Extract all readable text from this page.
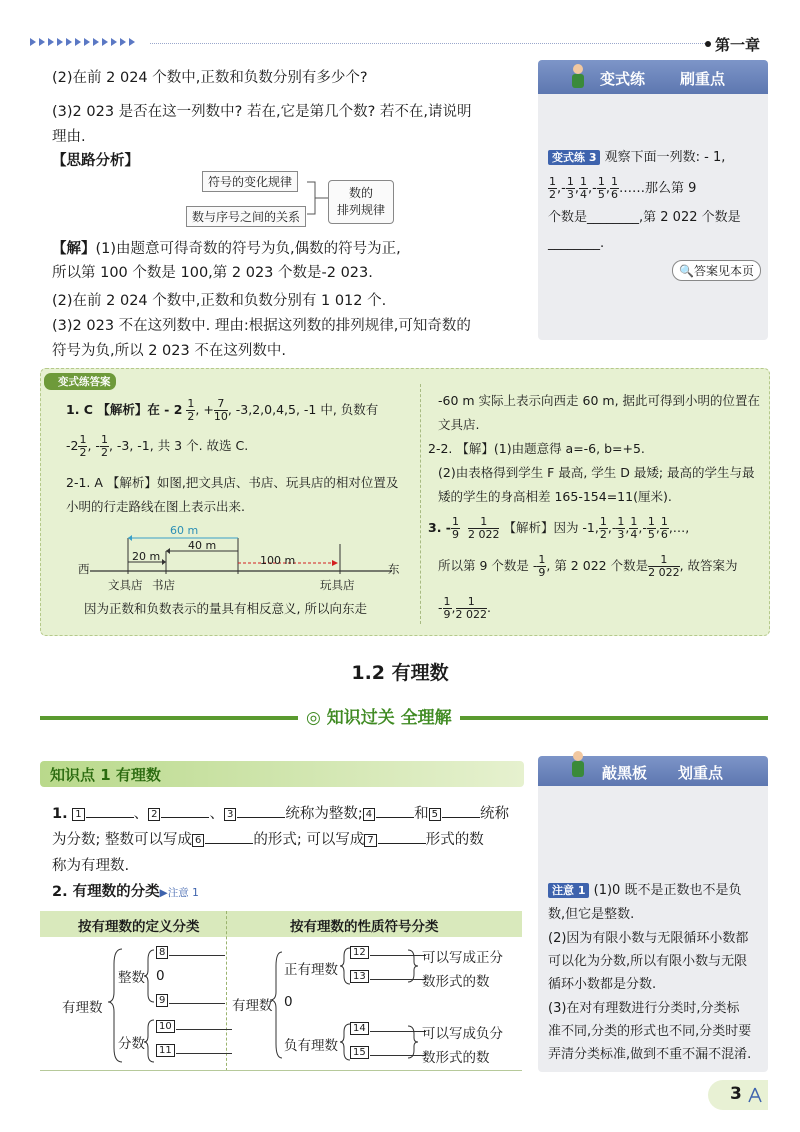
第一章
(2)在前 2 024 个数中,正数和负数分别有多少个?
(3)2 023 是否在这一列数中? 若在,它是第几个数? 若不在,请说明
理由.
【思路分析】
符号的变化规律
数与序号之间的关系
数的
排列规律
【解】(1)由题意可得奇数的符号为负,偶数的符号为正,
所以第 100 个数是 100,第 2 023 个数是-2 023.
(2)在前 2 024 个数中,正数和负数分别有 1 012 个.
(3)2 023 不在这列数中. 理由:根据这列数的排列规律,可知奇数的
符号为负,所以 2 023 不在这列数中.
变式练 刷重点
变式练 3 观察下面一列数: - 1,
$\frac{1}{2}$ ,- $\frac{1}{3}$ , $\frac{1}{4}$ ,- $\frac{1}{5}$ , $\frac{1}{6}$ ……那么第 9
个数是________,第 2 022 个数是
________.
🔍答案见本页
变式练答案
1. C 【解析】在 - $2 \frac{1}{2}$ , + $\frac{7}{10}$ , -3,2,0,4,5, -1 中, 负数有
$-2 \frac{1}{2}$ , - $\frac{1}{2}$ , -3, -1, 共 3 个. 故选 C.
2-1. A 【解析】如图,把文具店、书店、玩具店的相对位置及
小明的行走路线在图上表示出来.
西	东
60 m
40 m
20 m	100 m
文具店 书店	玩具店
因为正数和负数表示的量具有相反意义, 所以向东走
-60 m 实际上表示向西走 60 m, 据此可得到小明的位置在
文具店.
2-2. 【解】(1)由题意得 a=-6, b=+5.
(2)由表格得到学生 F 最高, 学生 D 最矮; 最高的学生与最
矮的学生的身高相差 165-154=11(厘米).
3. - $\frac{1}{9}$
$\frac{1}{2 022}$ 【解析】因为 -1, $\frac{1}{2}$ ,- $\frac{1}{3}$ , $\frac{1}{4}$ ,- $\frac{1}{5}$ , $\frac{1}{6}$ ,…,
所以第 9 个数是 - $\frac{1}{9}$ , 第 2 022 个数是 $\frac{1}{2 022}$ , 故答案为
- $\frac{1}{9}$ , $\frac{1}{2 022}$ .
1.2 有理数
◎ 知识过关 全理解
知识点 1 有理数
1. 1	、 2	、 3	统称为整数; 4	和 5	统称
为分数; 整数可以写成 6	的形式; 可以写成 7	形式的数
称为有理数.
2. 有理数的分类▶注意 1
按有理数的定义分类	按有理数的性质符号分类
有理数
整数
分数
8
0
9
10
11
有理数 0
正有理数
负有理数
12
13
14
15
可以写成正分
数形式的数
可以写成负分
数形式的数
敲黑板 划重点
注意 1 (1)0 既不是正数也不是负
数,但它是整数.
(2)因为有限小数与无限循环小数都
可以化为分数,所以有限小数与无限
循环小数都是分数.
(3)在对有理数进行分类时,分类标
准不同,分类的形式也不同,分类时要
弄清分类标准,做到不重不漏不混淆.
3
